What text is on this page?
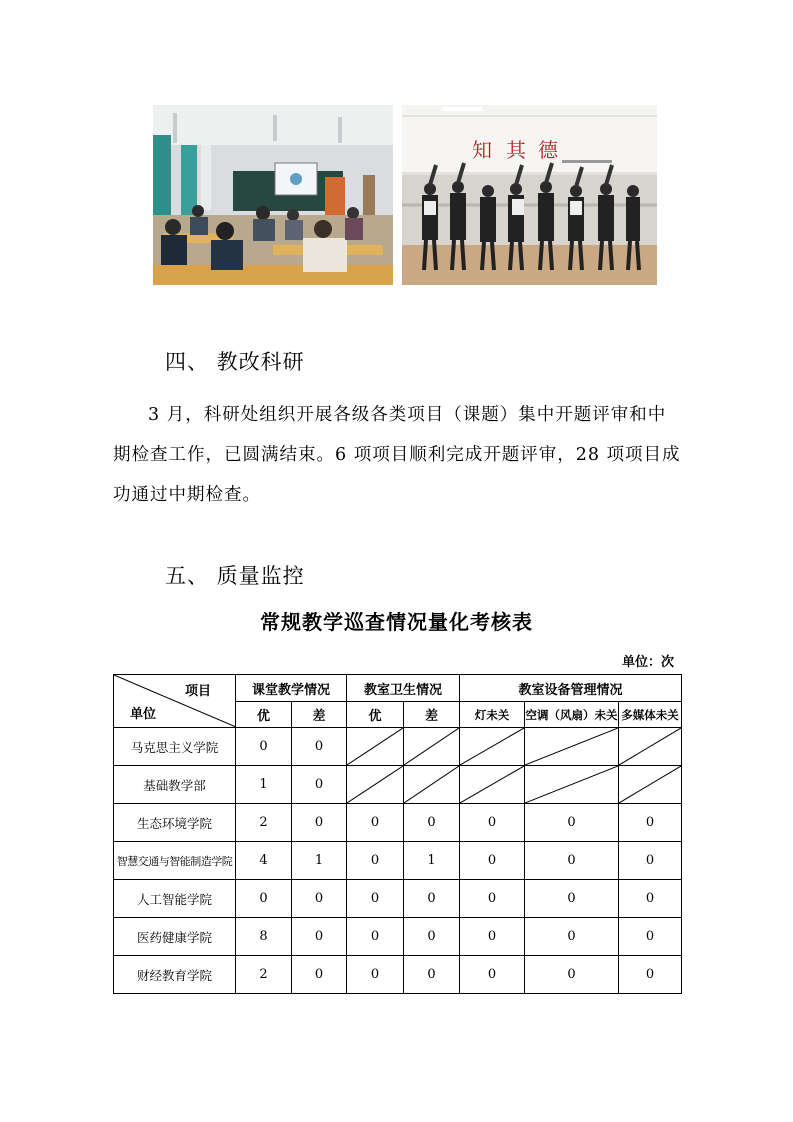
知 其 德
四、 教改科研
3 月，科研处组织开展各级各类项目（课题）集中开题评审和中期检查工作，已圆满结束。6 项项目顺利完成开题评审，28 项项目成功通过中期检查。
五、 质量监控
常规教学巡查情况量化考核表
单位：次
项目
单位	课堂教学情况		教室卫生情况		教室设备管理情况		
	优	差	优	差	灯未关	空调（风扇）未关	多媒体未关
马克思主义学院	0	0	

基础教学部	1	0	

生态环境学院	2	0	0	0	0	0	0
智慧交通与智能制造学院	4	1	0	1	0	0	0
人工智能学院	0	0	0	0	0	0	0
医药健康学院	8	0	0	0	0	0	0
财经教育学院	2	0	0	0	0	0	0
